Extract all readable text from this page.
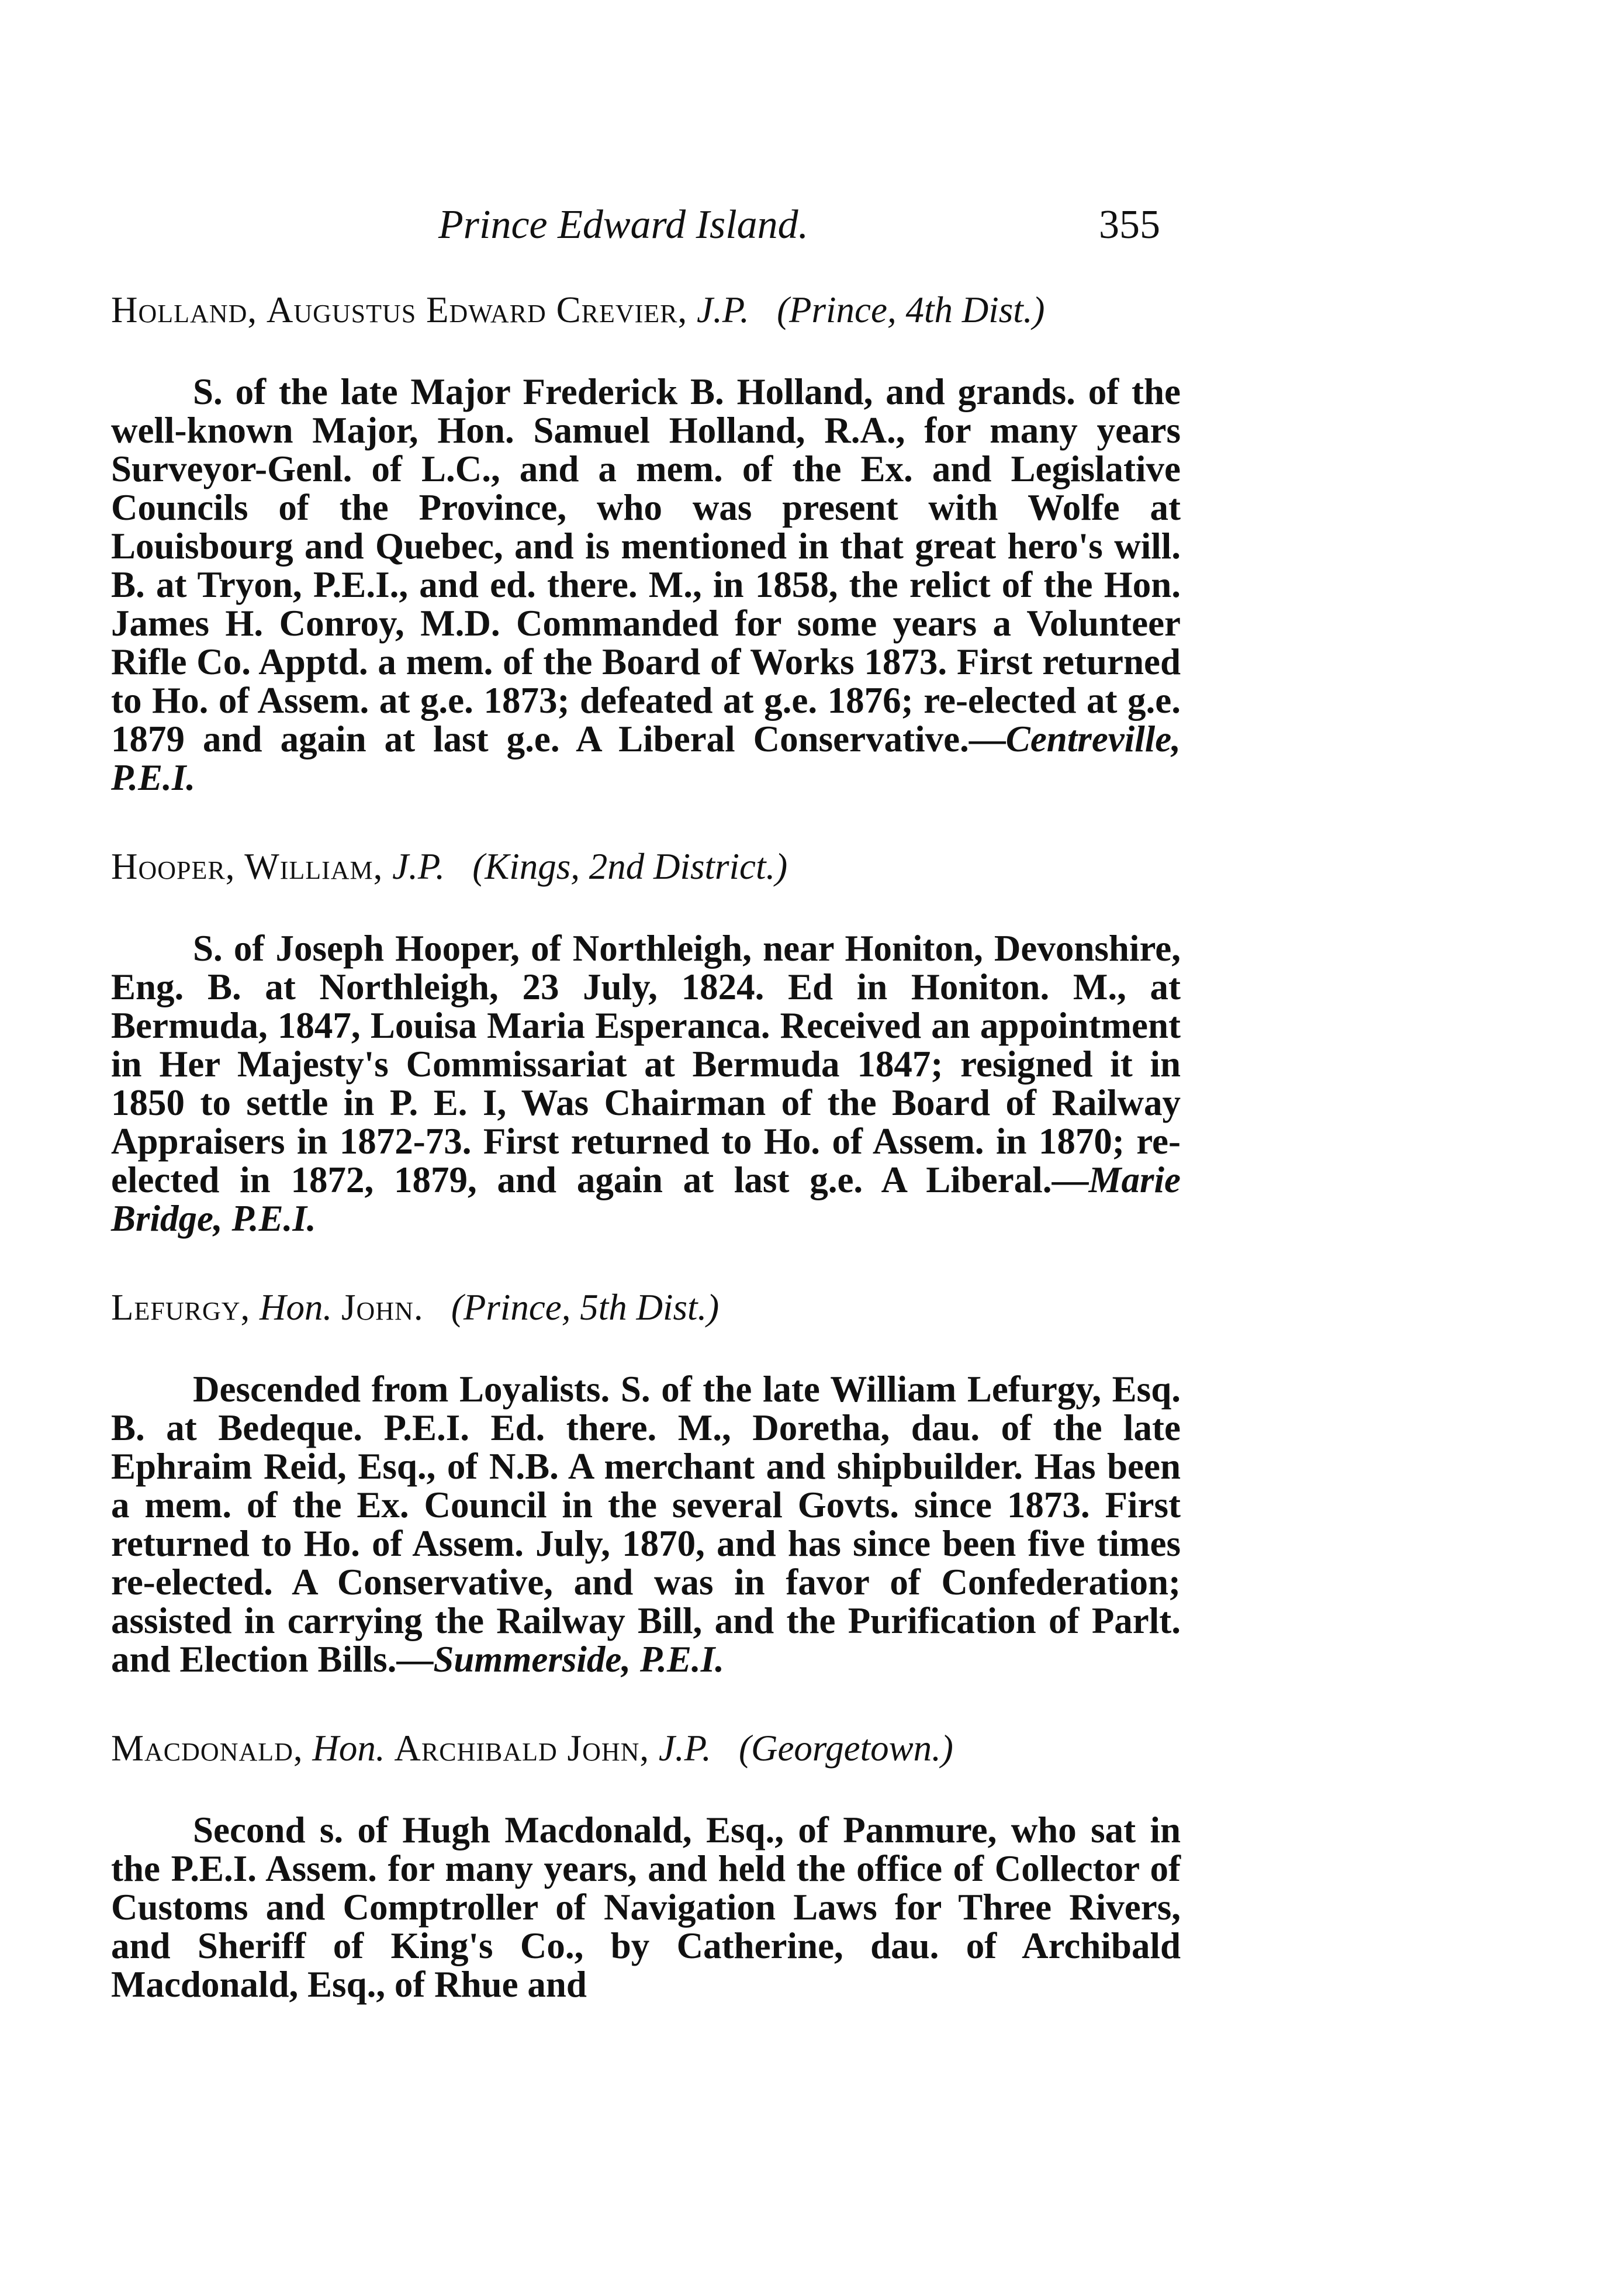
Prince Edward Island.	355

Holland, Augustus Edward Crevier, J.P. (Prince, 4th Dist.)

S. of the late Major Frederick B. Holland, and grands. of the well-known Major, Hon. Samuel Holland, R.A., for many years Surveyor-Genl. of L.C., and a mem. of the Ex. and Legislative Councils of the Province, who was present with Wolfe at Louisbourg and Quebec, and is mentioned in that great hero's will. B. at Tryon, P.E.I., and ed. there. M., in 1858, the relict of the Hon. James H. Conroy, M.D. Commanded for some years a Volunteer Rifle Co. Apptd. a mem. of the Board of Works 1873. First returned to Ho. of Assem. at g.e. 1873; defeated at g.e. 1876; re-elected at g.e. 1879 and again at last g.e. A Liberal Conservative.—Centreville, P.E.I.

Hooper, William, J.P. (Kings, 2nd District.)

S. of Joseph Hooper, of Northleigh, near Honiton, Devonshire, Eng. B. at Northleigh, 23 July, 1824. Ed in Honiton. M., at Bermuda, 1847, Louisa Maria Esperanca. Received an appointment in Her Majesty's Commissariat at Bermuda 1847; resigned it in 1850 to settle in P. E. I, Was Chairman of the Board of Railway Appraisers in 1872-73. First returned to Ho. of Assem. in 1870; re-elected in 1872, 1879, and again at last g.e. A Liberal.—Marie Bridge, P.E.I.

Lefurgy, Hon. John. (Prince, 5th Dist.)

Descended from Loyalists. S. of the late William Lefurgy, Esq. B. at Bedeque. P.E.I. Ed. there. M., Doretha, dau. of the late Ephraim Reid, Esq., of N.B. A merchant and shipbuilder. Has been a mem. of the Ex. Council in the several Govts. since 1873. First returned to Ho. of Assem. July, 1870, and has since been five times re-elected. A Conservative, and was in favor of Confederation; assisted in carrying the Railway Bill, and the Purification of Parlt. and Election Bills.—Summerside, P.E.I.

Macdonald, Hon. Archibald John, J.P. (Georgetown.)

Second s. of Hugh Macdonald, Esq., of Panmure, who sat in the P.E.I. Assem. for many years, and held the office of Collector of Customs and Comptroller of Navigation Laws for Three Rivers, and Sheriff of King's Co., by Catherine, dau. of Archibald Macdonald, Esq., of Rhue and
